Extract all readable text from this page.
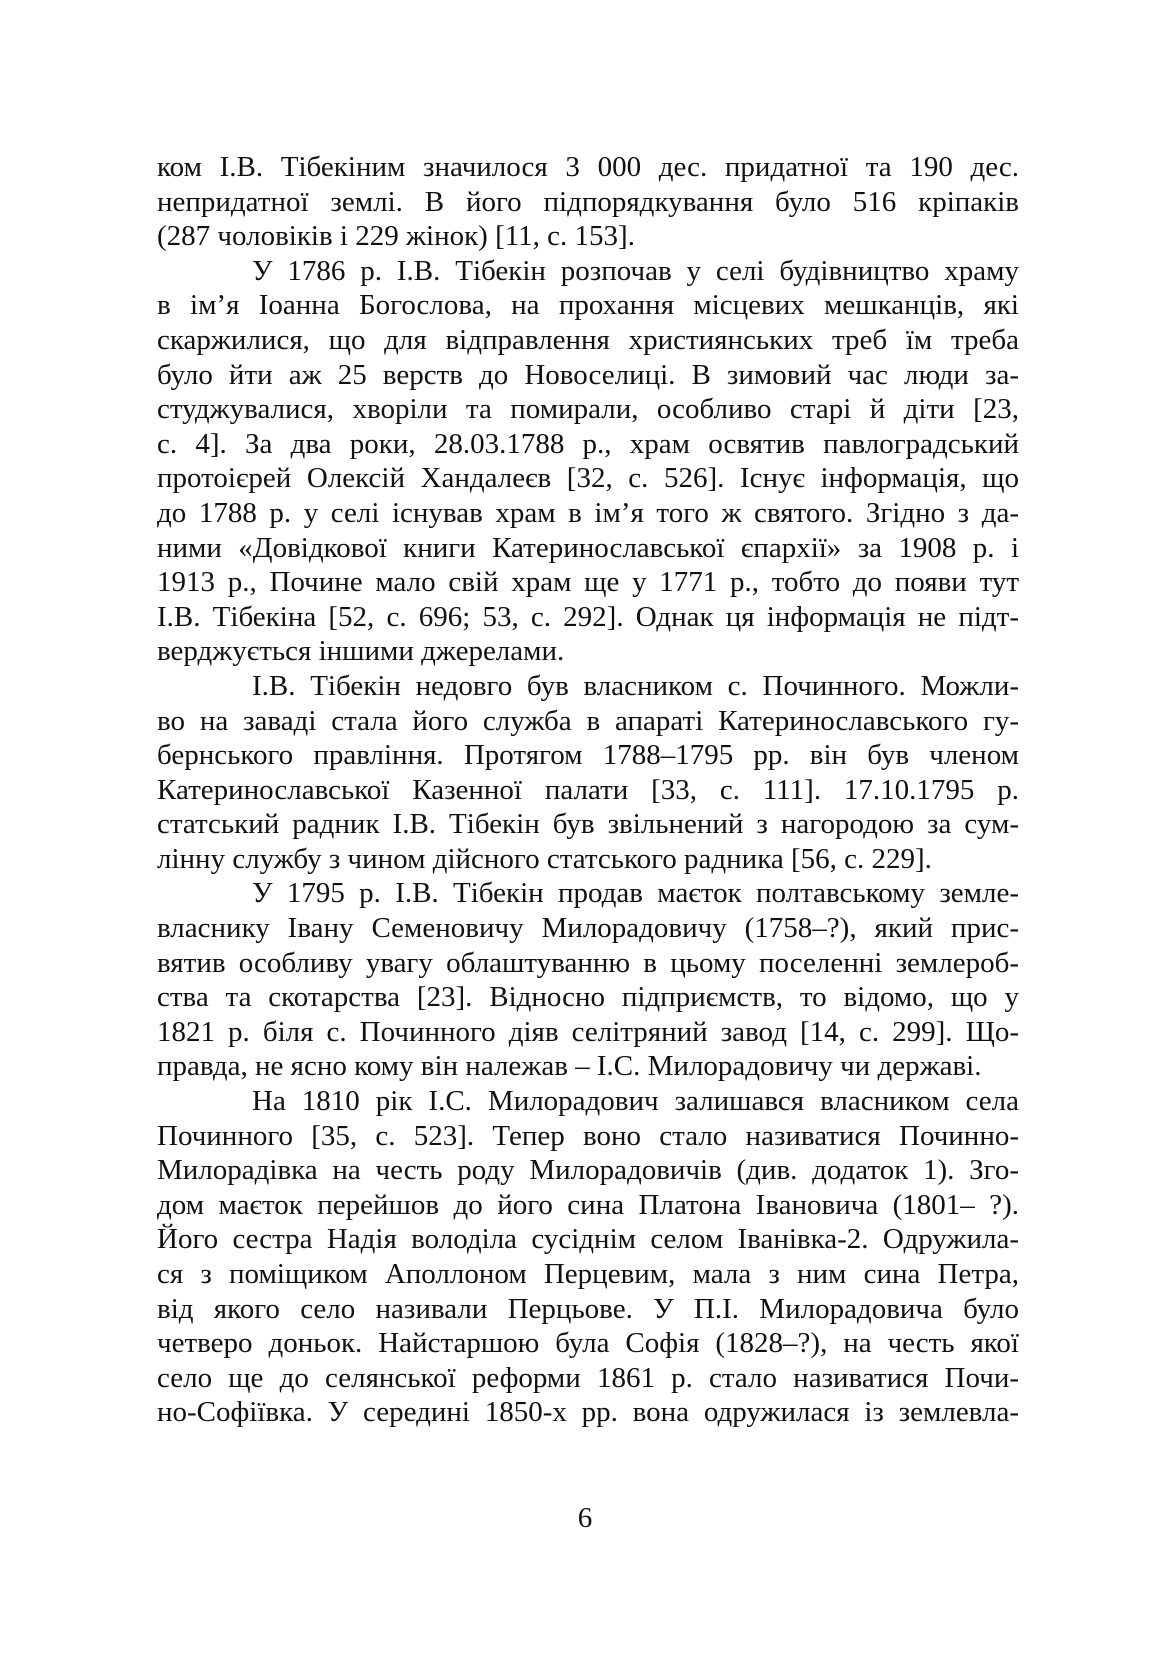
ком І.В. Тібекіним значилося 3 000 дес. придатної та 190 дес.
непридатної землі. В його підпорядкування було 516 кріпаків
(287 чоловіків і 229 жінок) [11, с. 153].
У 1786 р. І.В. Тібекін розпочав у селі будівництво храму
в ім’я Іоанна Богослова, на прохання місцевих мешканців, які
скаржилися, що для відправлення християнських треб їм треба
було йти аж 25 верств до Новоселиці. В зимовий час люди за-
студжувалися, хворіли та помирали, особливо старі й діти [23,
с. 4]. За два роки, 28.03.1788 р., храм освятив павлоградський
протоієрей Олексій Хандалеєв [32, с. 526]. Існує інформація, що
до 1788 р. у селі існував храм в ім’я того ж святого. Згідно з да-
ними «Довідкової книги Катеринославської єпархії» за 1908 р. і
1913 р., Почине мало свій храм ще у 1771 р., тобто до появи тут
І.В. Тібекіна [52, с. 696; 53, с. 292]. Однак ця інформація не підт-
верджується іншими джерелами.
І.В. Тібекін недовго був власником с. Починного. Можли-
во на заваді стала його служба в апараті Катеринославського гу-
бернського правління. Протягом 1788–1795 рр. він був членом
Катеринославської Казенної палати [33, с. 111]. 17.10.1795 р.
статський радник І.В. Тібекін був звільнений з нагородою за сум-
лінну службу з чином дійсного статського радника [56, с. 229].
У 1795 р. І.В. Тібекін продав маєток полтавському земле-
власнику Івану Семеновичу Милорадовичу (1758–?), який прис-
вятив особливу увагу облаштуванню в цьому поселенні землероб-
ства та скотарства [23]. Відносно підприємств, то відомо, що у
1821 р. біля с. Починного діяв селітряний завод [14, с. 299]. Що-
правда, не ясно кому він належав – І.С. Милорадовичу чи державі.
На 1810 рік І.С. Милорадович залишався власником села
Починного [35, с. 523]. Тепер воно стало називатися Починно-
Милорадівка на честь роду Милорадовичів (див. додаток 1). Зго-
дом маєток перейшов до його сина Платона Івановича (1801– ?).
Його сестра Надія володіла сусіднім селом Іванівка-2. Одружила-
ся з поміщиком Аполлоном Перцевим, мала з ним сина Петра,
від якого село називали Перцьове. У П.І. Милорадовича було
четверо доньок. Найстаршою була Софія (1828–?), на честь якої
село ще до селянської реформи 1861 р. стало називатися Почи-
но-Софіївка. У середині 1850-х рр. вона одружилася із землевла-
6
